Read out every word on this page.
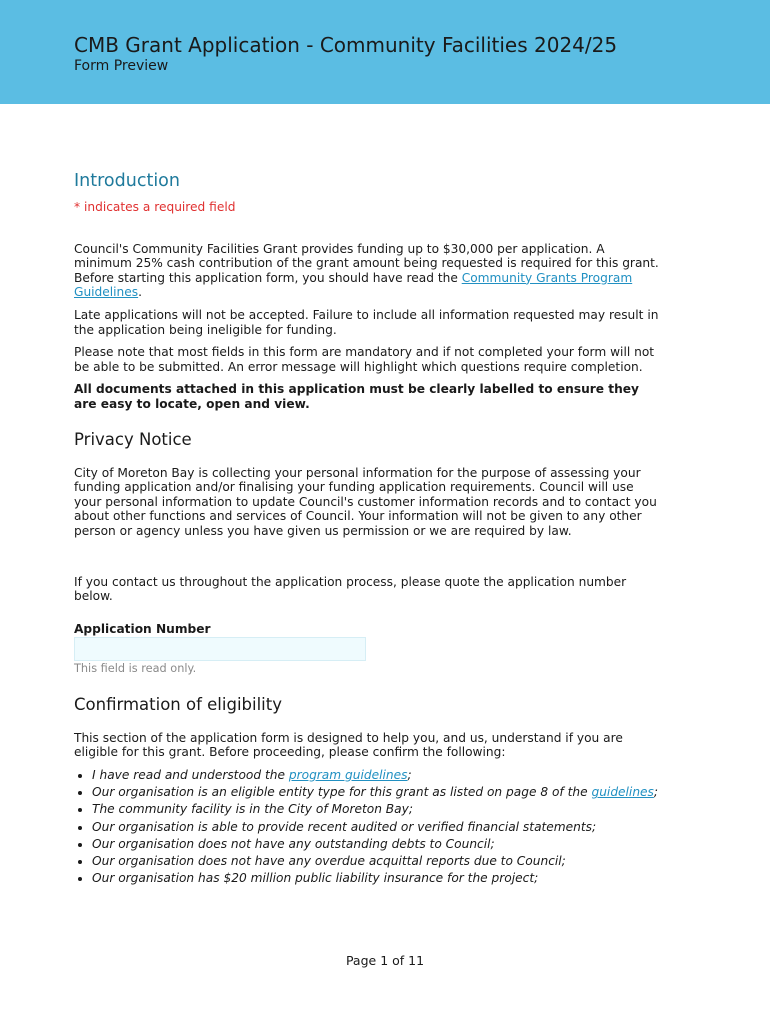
CMB Grant Application - Community Facilities 2024/25
Form Preview
Introduction
* indicates a required field

Council's Community Facilities Grant provides funding up to $30,000 per application. A minimum 25% cash contribution of the grant amount being requested is required for this grant. Before starting this application form, you should have read the Community Grants Program Guidelines.

Late applications will not be accepted. Failure to include all information requested may result in the application being ineligible for funding.

Please note that most fields in this form are mandatory and if not completed your form will not be able to be submitted. An error message will highlight which questions require completion.

All documents attached in this application must be clearly labelled to ensure they are easy to locate, open and view.

Privacy Notice

City of Moreton Bay is collecting your personal information for the purpose of assessing your funding application and/or finalising your funding application requirements. Council will use your personal information to update Council's customer information records and to contact you about other functions and services of Council. Your information will not be given to any other person or agency unless you have given us permission or we are required by law.

If you contact us throughout the application process, please quote the application number below.

Application Number
This field is read only.
Confirmation of eligibility

This section of the application form is designed to help you, and us, understand if you are eligible for this grant. Before proceeding, please confirm the following:

• I have read and understood the program guidelines;
• Our organisation is an eligible entity type for this grant as listed on page 8 of the guidelines;
• The community facility is in the City of Moreton Bay;
• Our organisation is able to provide recent audited or verified financial statements;
• Our organisation does not have any outstanding debts to Council;
• Our organisation does not have any overdue acquittal reports due to Council;
• Our organisation has $20 million public liability insurance for the project;
Page 1 of 11
